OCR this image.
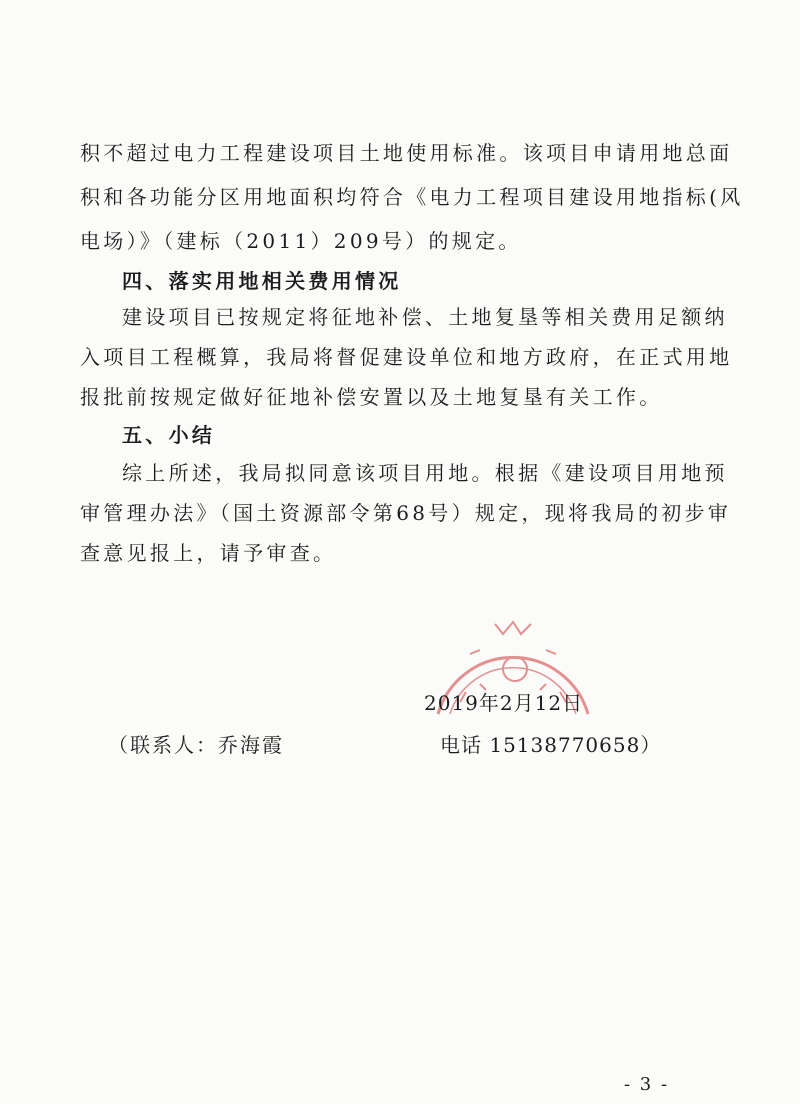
积不超过电力工程建设项目土地使用标准。该项目申请用地总面
积和各功能分区用地面积均符合《电力工程项目建设用地指标(风
电场）》（建标（2011）209号）的规定。
四、落实用地相关费用情况
建设项目已按规定将征地补偿、土地复垦等相关费用足额纳
入项目工程概算，我局将督促建设单位和地方政府，在正式用地
报批前按规定做好征地补偿安置以及土地复垦有关工作。
五、小结
综上所述，我局拟同意该项目用地。根据《建设项目用地预
审管理办法》（国土资源部令第68号）规定，现将我局的初步审
查意见报上，请予审查。
2019年2月12日
（联系人：乔海霞	电话 15138770658）
- 3 -
